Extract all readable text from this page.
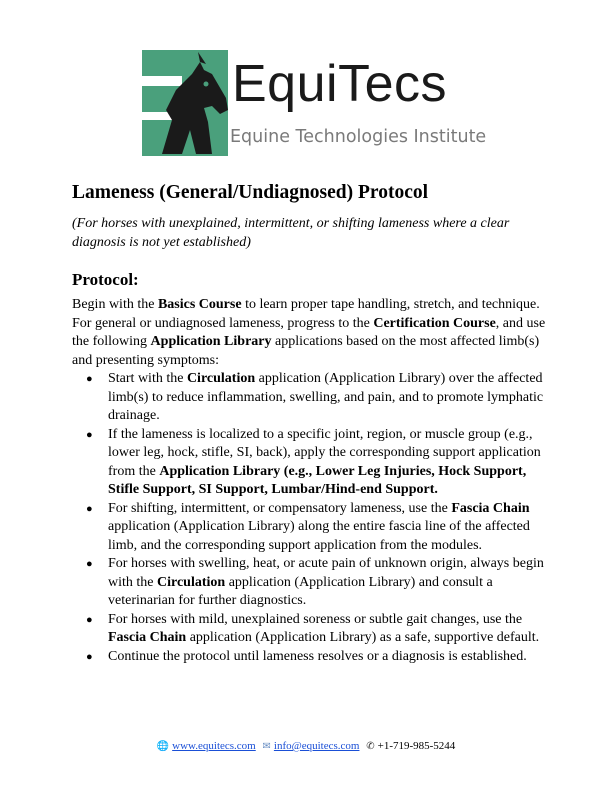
EquiTecs
Equine Technologies Institute
Lameness (General/Undiagnosed) Protocol

(For horses with unexplained, intermittent, or shifting lameness where a clear diagnosis is not yet established)

Protocol:

Begin with the Basics Course to learn proper tape handling, stretch, and technique. For general or undiagnosed lameness, progress to the Certification Course, and use the following Application Library applications based on the most affected limb(s) and presenting symptoms:

● Start with the Circulation application (Application Library) over the affected limb(s) to reduce inflammation, swelling, and pain, and to promote lymphatic drainage.
● If the lameness is localized to a specific joint, region, or muscle group (e.g., lower leg, hock, stifle, SI, back), apply the corresponding support application from the Application Library (e.g., Lower Leg Injuries, Hock Support, Stifle Support, SI Support, Lumbar/Hind-end Support.
● For shifting, intermittent, or compensatory lameness, use the Fascia Chain application (Application Library) along the entire fascia line of the affected limb, and the corresponding support application from the modules.
● For horses with swelling, heat, or acute pain of unknown origin, always begin with the Circulation application (Application Library) and consult a veterinarian for further diagnostics.
● For horses with mild, unexplained soreness or subtle gait changes, use the Fascia Chain application (Application Library) as a safe, supportive default.
● Continue the protocol until lameness resolves or a diagnosis is established.
🌐 www.equitecs.com ✉ info@equitecs.com ✆ +1-719-985-5244
